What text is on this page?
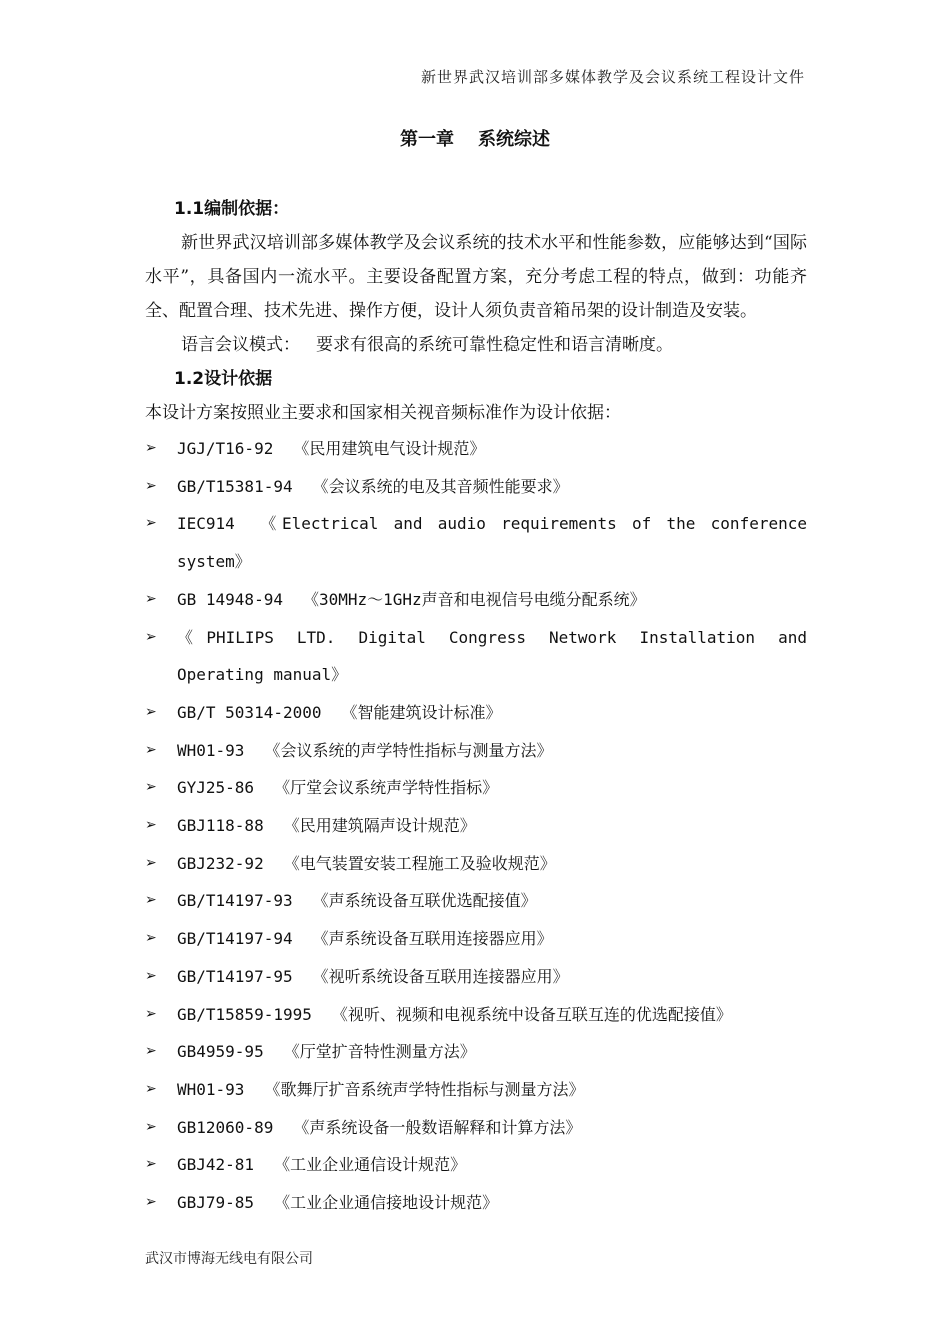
新世界武汉培训部多媒体教学及会议系统工程设计文件
第一章 系统综述
1.1编制依据：
新世界武汉培训部多媒体教学及会议系统的技术水平和性能参数，应能够达到“国际水平”，具备国内一流水平。主要设备配置方案，充分考虑工程的特点，做到：功能齐全、配置合理、技术先进、操作方便，设计人须负责音箱吊架的设计制造及安装。
语言会议模式： 要求有很高的系统可靠性稳定性和语言清晰度。
1.2设计依据
本设计方案按照业主要求和国家相关视音频标准作为设计依据：
➢ JGJ/T16-92 《民用建筑电气设计规范》
➢ GB/T15381-94 《会议系统的电及其音频性能要求》
➢ IEC914 《Electrical and audio requirements of the conference system》
➢ GB 14948-94 《30MHz～1GHz声音和电视信号电缆分配系统》
➢ 《PHILIPS LTD. Digital Congress Network Installation and Operating manual》
➢ GB/T 50314-2000 《智能建筑设计标准》
➢ WH01-93 《会议系统的声学特性指标与测量方法》
➢ GYJ25-86 《厅堂会议系统声学特性指标》
➢ GBJ118-88 《民用建筑隔声设计规范》
➢ GBJ232-92 《电气装置安装工程施工及验收规范》
➢ GB/T14197-93 《声系统设备互联优选配接值》
➢ GB/T14197-94 《声系统设备互联用连接器应用》
➢ GB/T14197-95 《视听系统设备互联用连接器应用》
➢ GB/T15859-1995 《视听、视频和电视系统中设备互联互连的优选配接值》
➢ GB4959-95 《厅堂扩音特性测量方法》
➢ WH01-93 《歌舞厅扩音系统声学特性指标与测量方法》
➢ GB12060-89 《声系统设备一般数语解释和计算方法》
➢ GBJ42-81 《工业企业通信设计规范》
➢ GBJ79-85 《工业企业通信接地设计规范》
武汉市博海无线电有限公司
